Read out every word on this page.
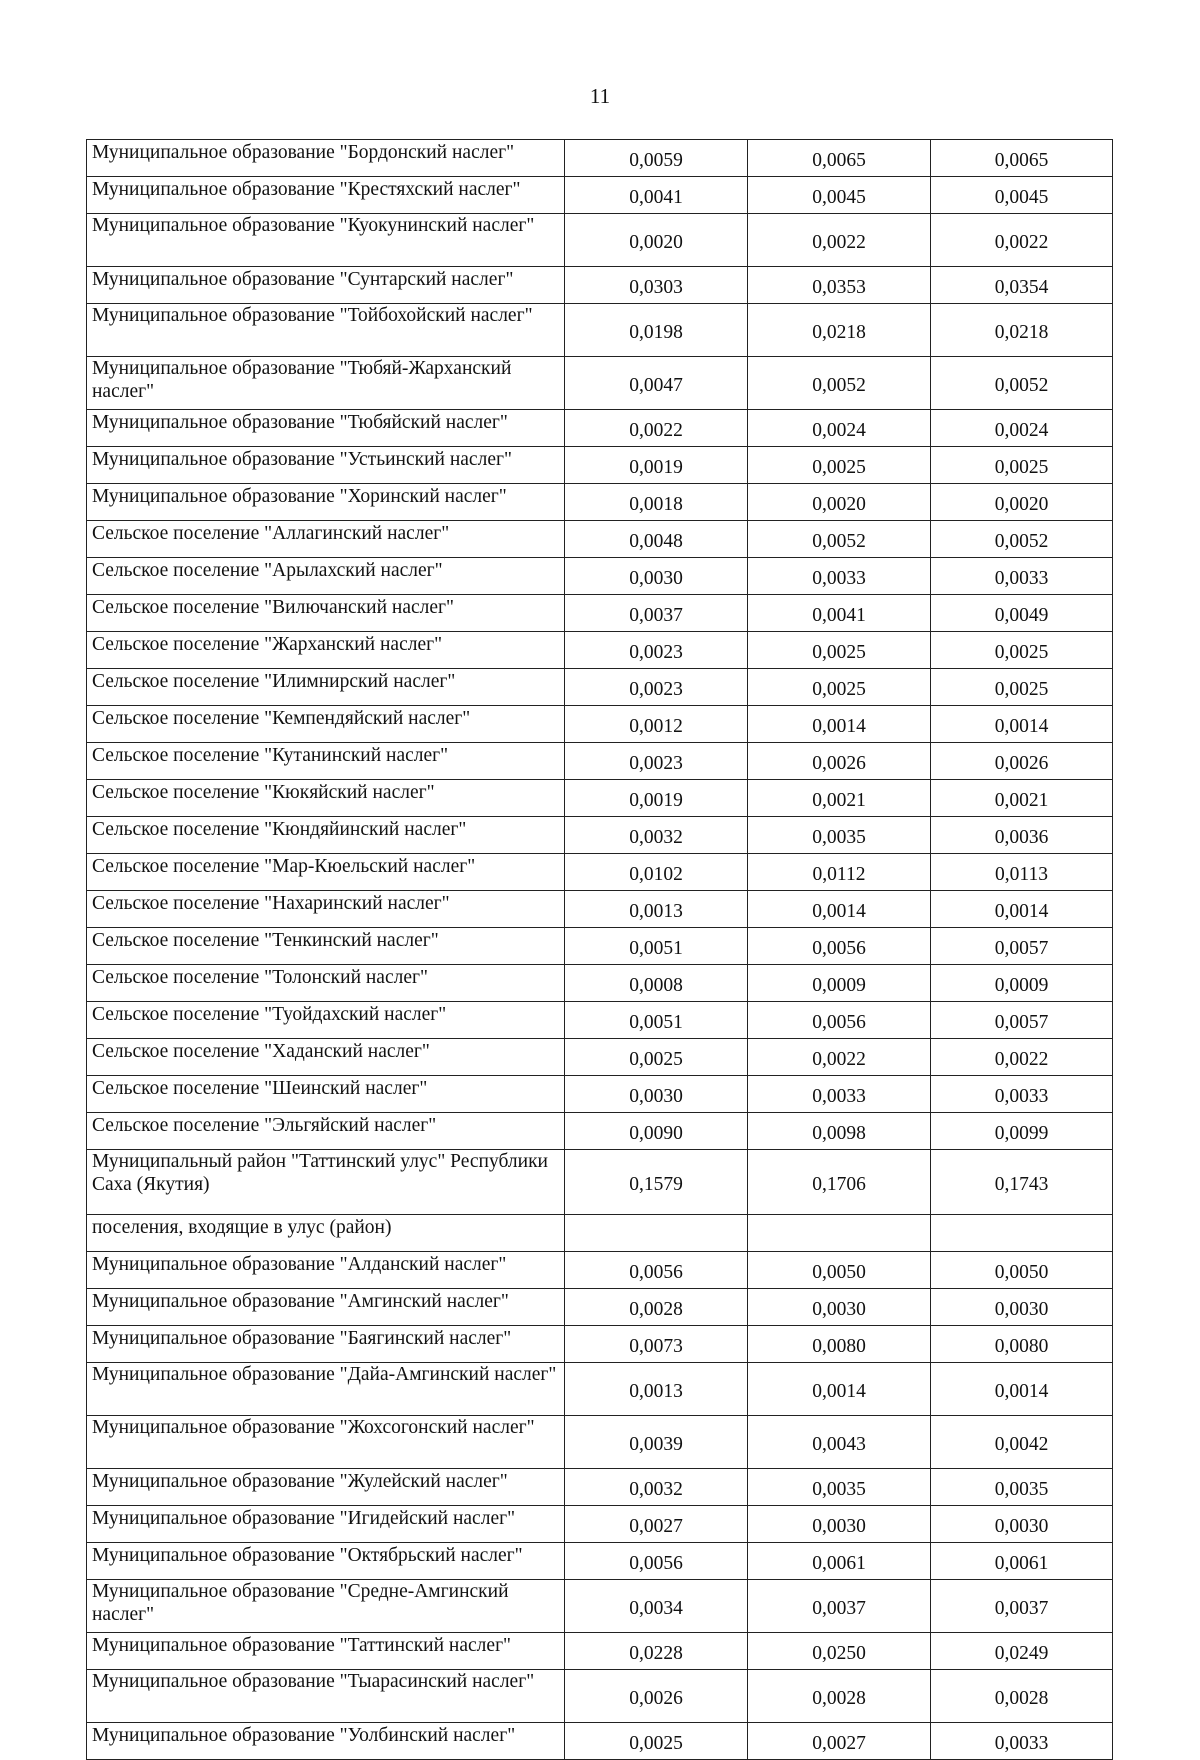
11
Муниципальное образование "Бордонский наслег"	0,0059	0,0065	0,0065
Муниципальное образование "Крестяхский наслег"	0,0041	0,0045	0,0045
Муниципальное образование "Куокунинский наслег"	0,0020	0,0022	0,0022
Муниципальное образование "Сунтарский наслег"	0,0303	0,0353	0,0354
Муниципальное образование "Тойбохойский наслег"	0,0198	0,0218	0,0218
Муниципальное образование "Тюбяй-Жарханский наслег"	0,0047	0,0052	0,0052
Муниципальное образование "Тюбяйский наслег"	0,0022	0,0024	0,0024
Муниципальное образование "Устьинский наслег"	0,0019	0,0025	0,0025
Муниципальное образование "Хоринский наслег"	0,0018	0,0020	0,0020
Сельское поселение "Аллагинский наслег"	0,0048	0,0052	0,0052
Сельское поселение "Арылахский наслег"	0,0030	0,0033	0,0033
Сельское поселение "Вилючанский наслег"	0,0037	0,0041	0,0049
Сельское поселение "Жарханский наслег"	0,0023	0,0025	0,0025
Сельское поселение "Илимнирский наслег"	0,0023	0,0025	0,0025
Сельское поселение "Кемпендяйский наслег"	0,0012	0,0014	0,0014
Сельское поселение "Кутанинский наслег"	0,0023	0,0026	0,0026
Сельское поселение "Кюкяйский наслег"	0,0019	0,0021	0,0021
Сельское поселение "Кюндяйинский наслег"	0,0032	0,0035	0,0036
Сельское поселение "Мар-Кюельский наслег"	0,0102	0,0112	0,0113
Сельское поселение "Нахаринский наслег"	0,0013	0,0014	0,0014
Сельское поселение "Тенкинский наслег"	0,0051	0,0056	0,0057
Сельское поселение "Толонский наслег"	0,0008	0,0009	0,0009
Сельское поселение "Туойдахский наслег"	0,0051	0,0056	0,0057
Сельское поселение "Хаданский наслег"	0,0025	0,0022	0,0022
Сельское поселение "Шеинский наслег"	0,0030	0,0033	0,0033
Сельское поселение "Эльгяйский наслег"	0,0090	0,0098	0,0099
Муниципальный район "Таттинский улус" Республики Саха (Якутия)	0,1579	0,1706	0,1743
поселения, входящие в улус (район)			
Муниципальное образование "Алданский наслег"	0,0056	0,0050	0,0050
Муниципальное образование "Амгинский наслег"	0,0028	0,0030	0,0030
Муниципальное образование "Баягинский наслег"	0,0073	0,0080	0,0080
Муниципальное образование "Дайа-Амгинский наслег"	0,0013	0,0014	0,0014
Муниципальное образование "Жохсогонский наслег"	0,0039	0,0043	0,0042
Муниципальное образование "Жулейский наслег"	0,0032	0,0035	0,0035
Муниципальное образование "Игидейский наслег"	0,0027	0,0030	0,0030
Муниципальное образование "Октябрьский наслег"	0,0056	0,0061	0,0061
Муниципальное образование "Средне-Амгинский наслег"	0,0034	0,0037	0,0037
Муниципальное образование "Таттинский наслег"	0,0228	0,0250	0,0249
Муниципальное образование "Тыарасинский наслег"	0,0026	0,0028	0,0028
Муниципальное образование "Уолбинский наслег"	0,0025	0,0027	0,0033
